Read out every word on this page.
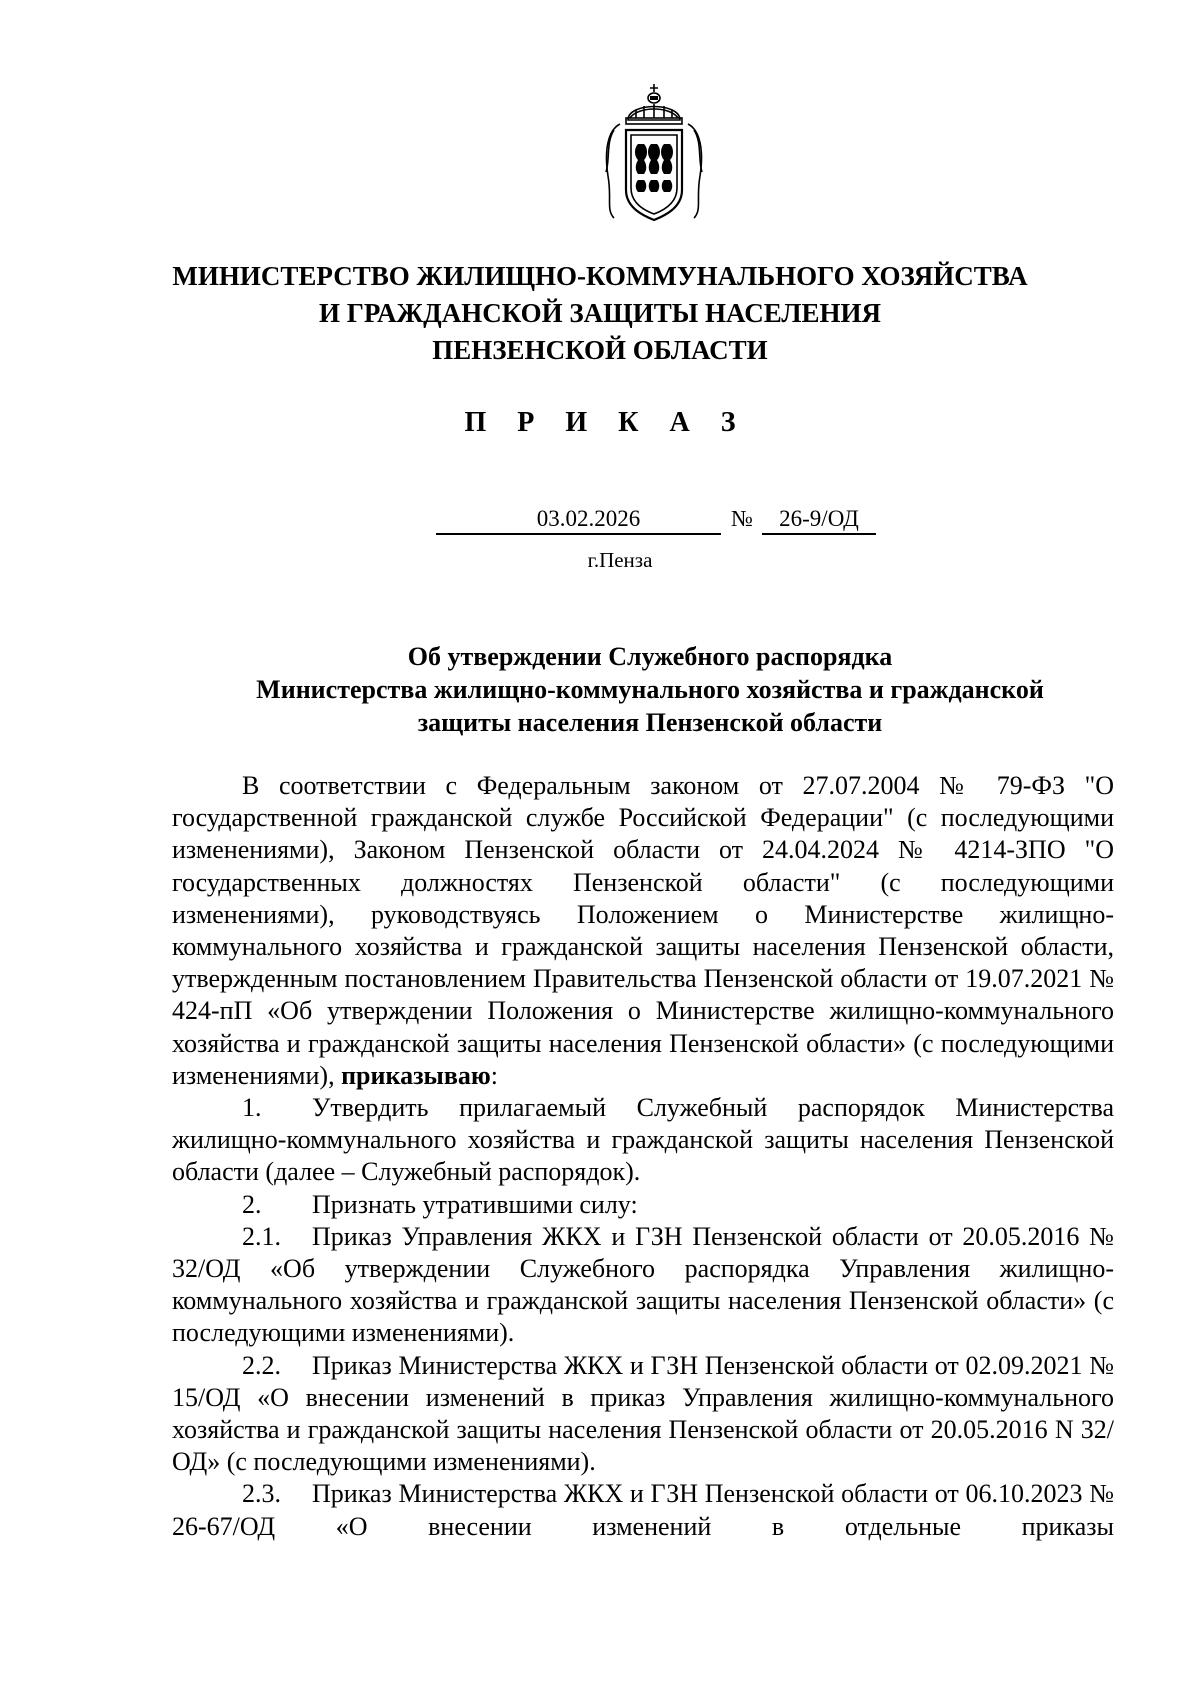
МИНИСТЕРСТВО ЖИЛИЩНО-КОММУНАЛЬНОГО ХОЗЯЙСТВА
И ГРАЖДАНСКОЙ ЗАЩИТЫ НАСЕЛЕНИЯ
ПЕНЗЕНСКОЙ ОБЛАСТИ
П Р И К А З
03.02.2026	№	26-9/ОД
г.Пенза
Об утверждении Служебного распорядка
Министерства жилищно-коммунального хозяйства и гражданской
защиты населения Пензенской области

В соответствии с Федеральным законом от 27.07.2004 № 79-ФЗ "О государственной гражданской службе Российской Федерации" (с последующими изменениями), Законом Пензенской области от 24.04.2024 № 4214-ЗПО "О государственных должностях Пензенской области" (с последующими изменениями), руководствуясь Положением о Министерстве жилищно-коммунального хозяйства и гражданской защиты населения Пензенской области, утвержденным постановлением Правительства Пензенской области от 19.07.2021 № 424-пП «Об утверждении Положения о Министерстве жилищно-коммунального хозяйства и гражданской защиты населения Пензенской области» (с последующими изменениями), приказываю:

1. Утвердить прилагаемый Служебный распорядок Министерства жилищно-коммунального хозяйства и гражданской защиты населения Пензенской области (далее – Служебный распорядок).

2. Признать утратившими силу:

2.1. Приказ Управления ЖКХ и ГЗН Пензенской области от 20.05.2016 № 32/ОД «Об утверждении Служебного распорядка Управления жилищно-коммунального хозяйства и гражданской защиты населения Пензенской области» (с последующими изменениями).

2.2. Приказ Министерства ЖКХ и ГЗН Пензенской области от 02.09.2021 № 15/ОД «О внесении изменений в приказ Управления жилищно-коммунального хозяйства и гражданской защиты населения Пензенской области от 20.05.2016 N 32/ОД» (с последующими изменениями).

2.3. Приказ Министерства ЖКХ и ГЗН Пензенской области от 06.10.2023 № 26-67/ОД «О внесении изменений в отдельные приказы
